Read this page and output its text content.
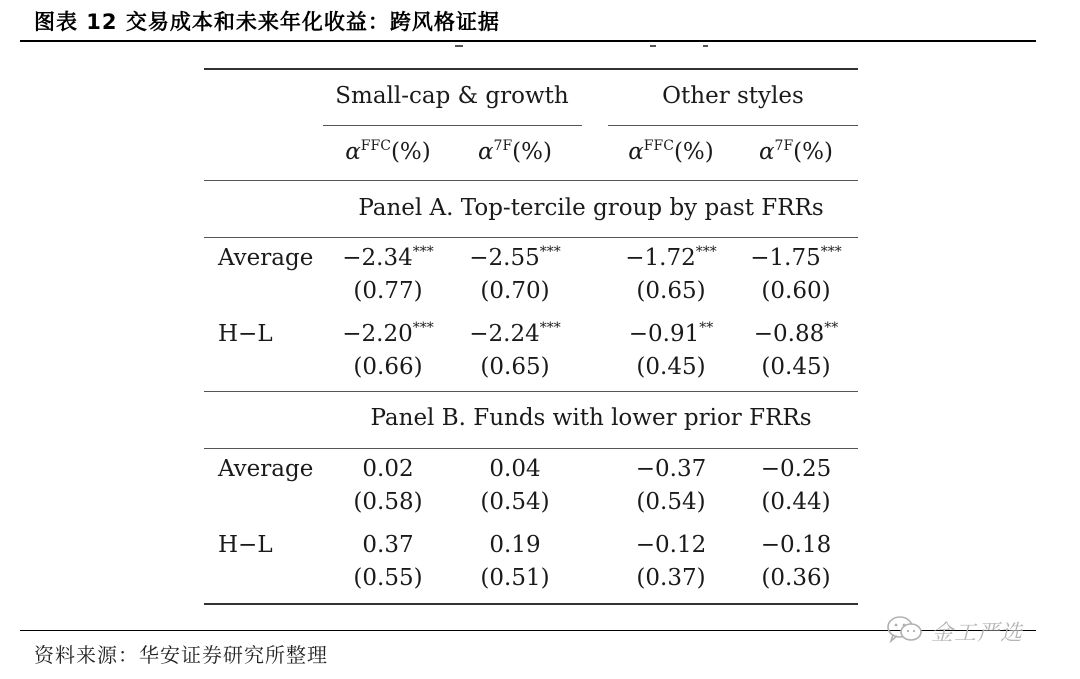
图表 12 交易成本和未来年化收益：跨风格证据
Small-cap & growth	Other styles
$\alpha^{FFC}(\%)$ $\alpha^{7F}(\%)$	$\alpha^{FFC}(\%)$ $\alpha^{7F}(\%)$
Panel A. Top-tercile group by past FRRs
Average −2.34*** −2.55***	−1.72*** −1.75***
(0.77)	(0.70)	(0.65) (0.60)
H−L	−2.20*** −2.24***	−0.91** −0.88**
(0.66)	(0.65)	(0.45) (0.45)
Panel B. Funds with lower prior FRRs
Average 0.02	0.04	−0.37 −0.25
(0.58)	(0.54)	(0.54) (0.44)
H−L	0.37	0.19	−0.12 −0.18
(0.55)	(0.51)	(0.37) (0.36)
资料来源：华安证券研究所整理
金工严选
